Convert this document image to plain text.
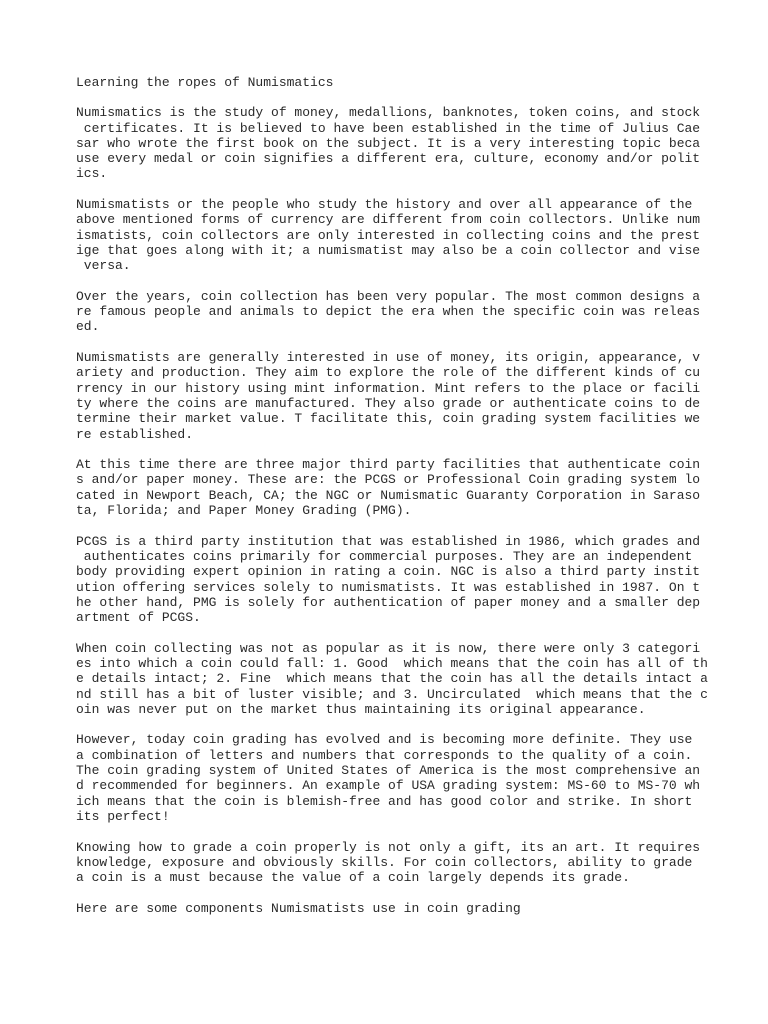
Learning the ropes of Numismatics
Numismatics is the study of money, medallions, banknotes, token coins, and stock
certificates. It is believed to have been established in the time of Julius Cae
sar who wrote the first book on the subject. It is a very interesting topic beca
use every medal or coin signifies a different era, culture, economy and/or polit
ics.
Numismatists or the people who study the history and over all appearance of the
above mentioned forms of currency are different from coin collectors. Unlike num
ismatists, coin collectors are only interested in collecting coins and the prest
ige that goes along with it; a numismatist may also be a coin collector and vise
versa.
Over the years, coin collection has been very popular. The most common designs a
re famous people and animals to depict the era when the specific coin was releas
ed.
Numismatists are generally interested in use of money, its origin, appearance, v
ariety and production. They aim to explore the role of the different kinds of cu
rrency in our history using mint information. Mint refers to the place or facili
ty where the coins are manufactured. They also grade or authenticate coins to de
termine their market value. T facilitate this, coin grading system facilities we
re established.
At this time there are three major third party facilities that authenticate coin
s and/or paper money. These are: the PCGS or Professional Coin grading system lo
cated in Newport Beach, CA; the NGC or Numismatic Guaranty Corporation in Saraso
ta, Florida; and Paper Money Grading (PMG).
PCGS is a third party institution that was established in 1986, which grades and
authenticates coins primarily for commercial purposes. They are an independent
body providing expert opinion in rating a coin. NGC is also a third party instit
ution offering services solely to numismatists. It was established in 1987. On t
he other hand, PMG is solely for authentication of paper money and a smaller dep
artment of PCGS.
When coin collecting was not as popular as it is now, there were only 3 categori
es into which a coin could fall: 1. Good  which means that the coin has all of th
e details intact; 2. Fine  which means that the coin has all the details intact a
nd still has a bit of luster visible; and 3. Uncirculated  which means that the c
oin was never put on the market thus maintaining its original appearance.
However, today coin grading has evolved and is becoming more definite. They use
a combination of letters and numbers that corresponds to the quality of a coin.
The coin grading system of United States of America is the most comprehensive an
d recommended for beginners. An example of USA grading system: MS-60 to MS-70 wh
ich means that the coin is blemish-free and has good color and strike. In short
its perfect!
Knowing how to grade a coin properly is not only a gift, its an art. It requires
knowledge, exposure and obviously skills. For coin collectors, ability to grade
a coin is a must because the value of a coin largely depends its grade.
Here are some components Numismatists use in coin grading
